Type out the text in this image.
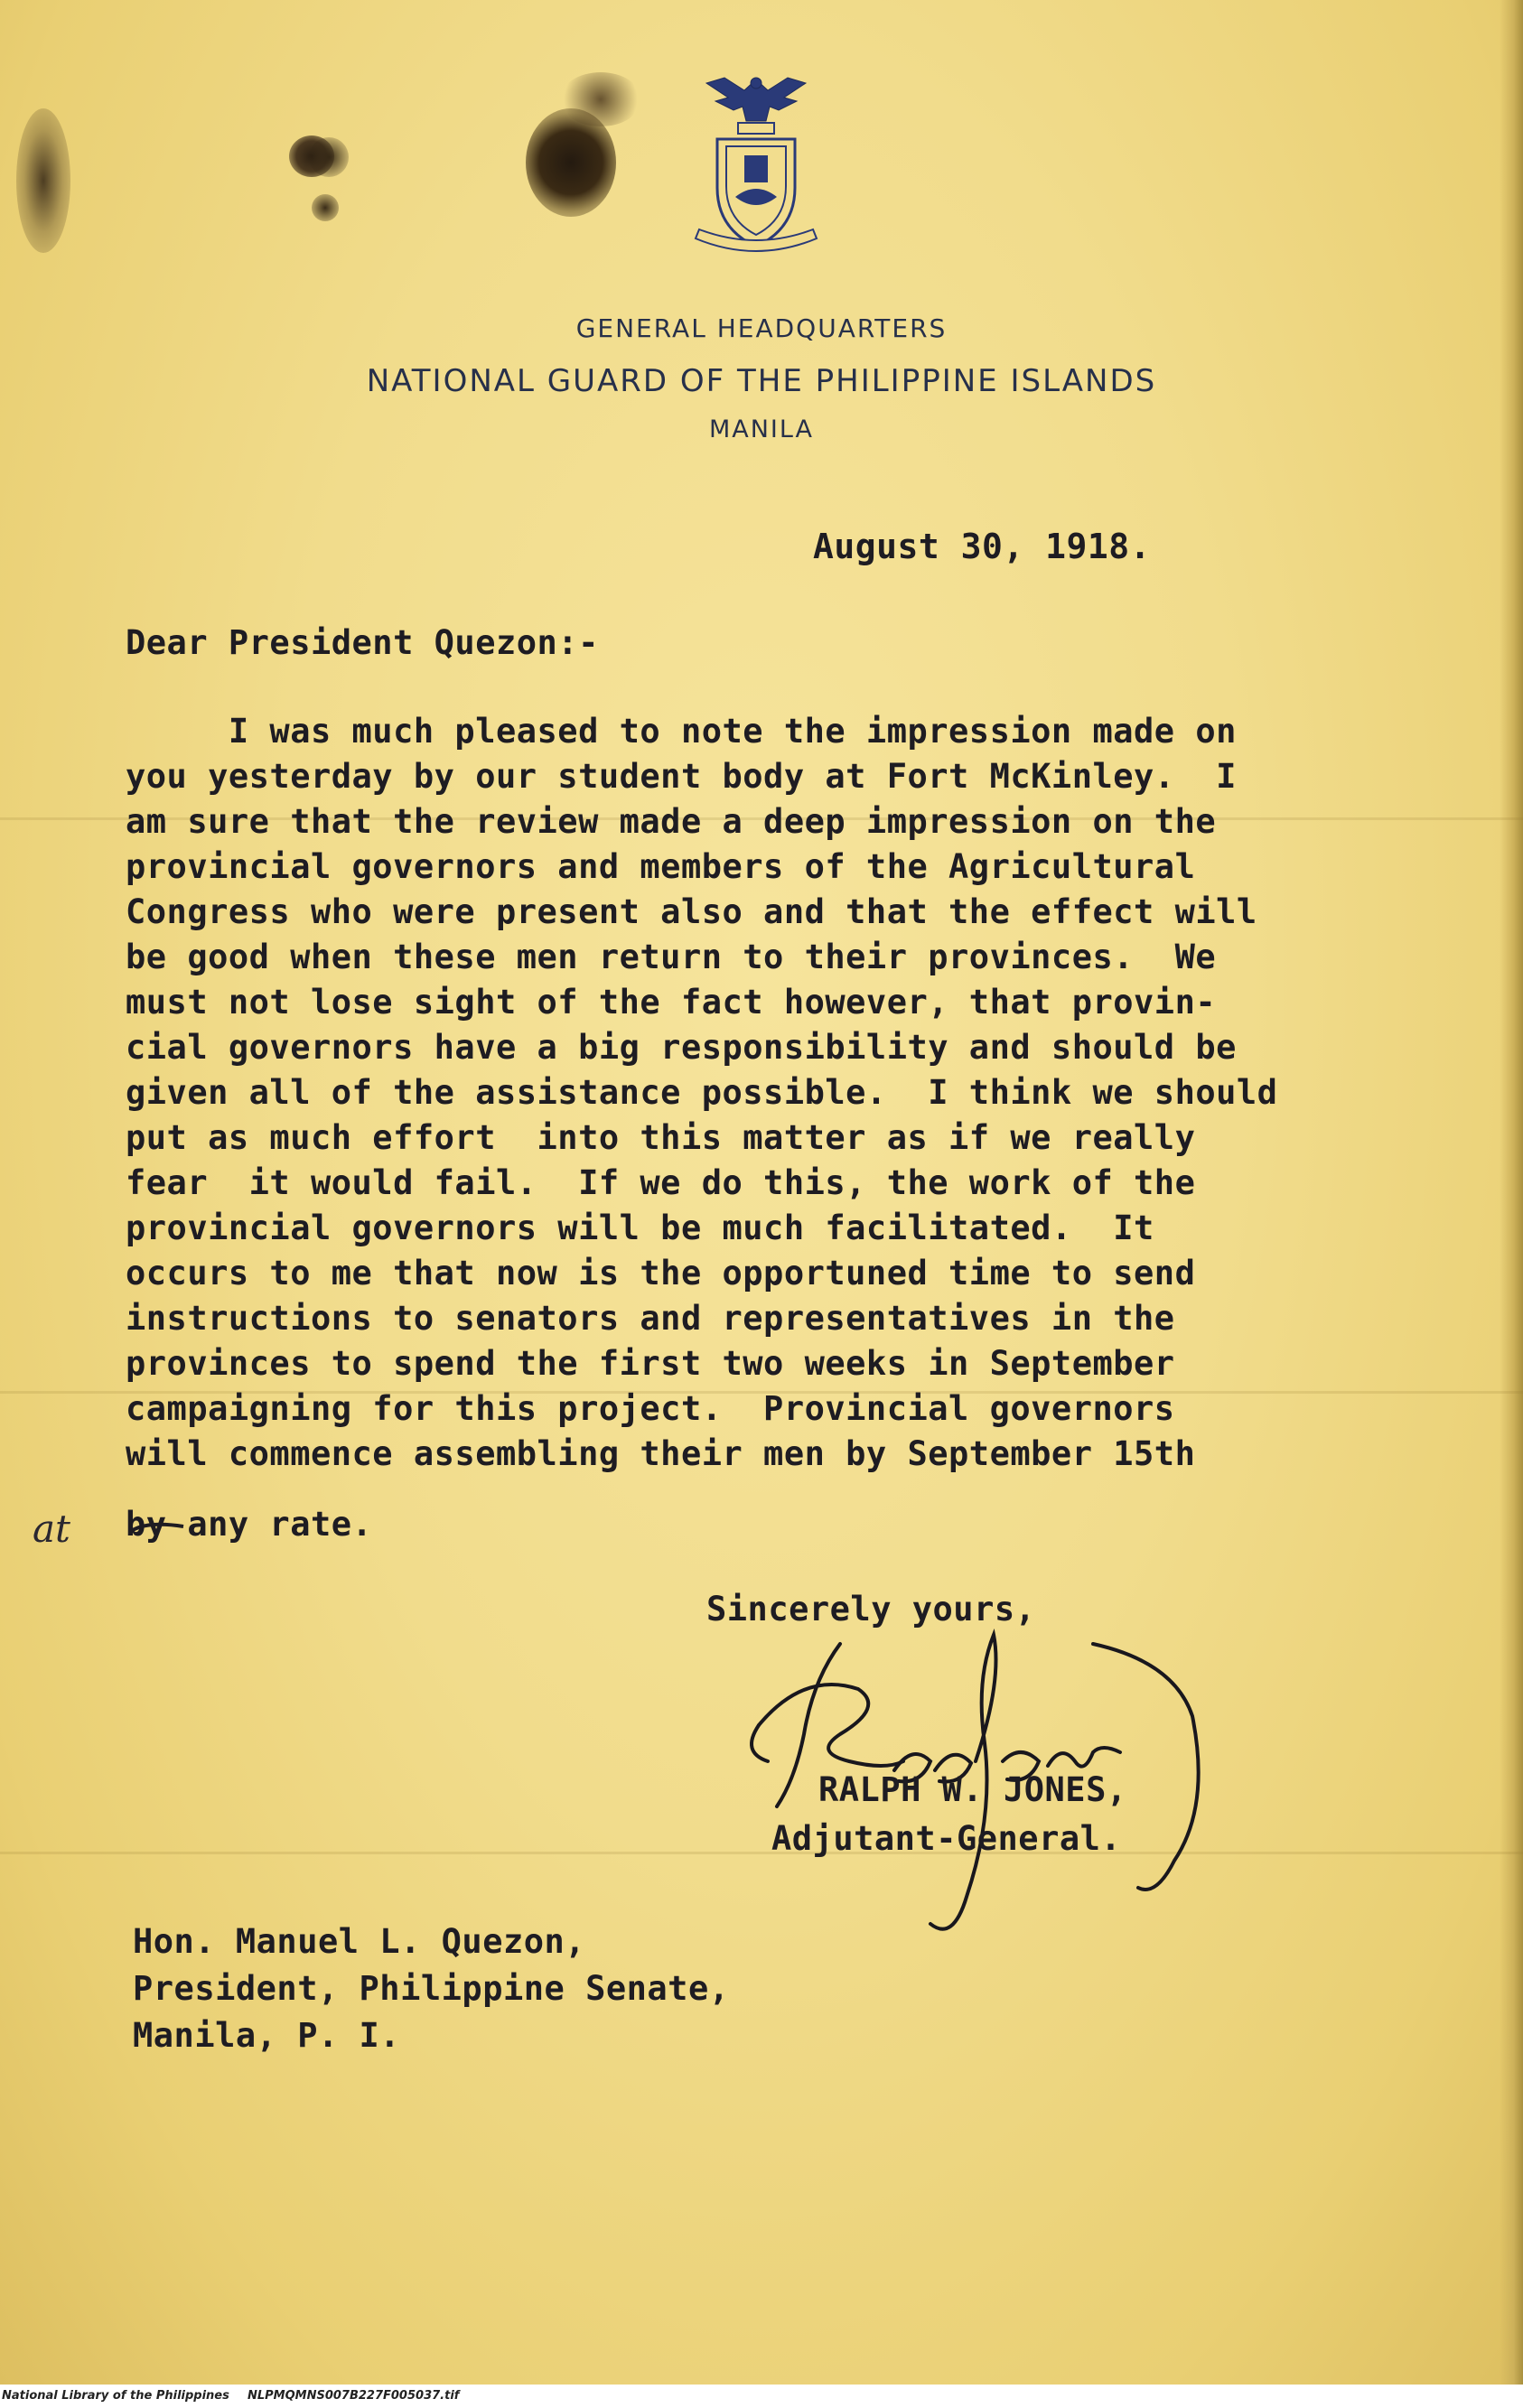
GENERAL HEADQUARTERS
NATIONAL GUARD OF THE PHILIPPINE ISLANDS
MANILA
August 30, 1918.
Dear President Quezon:-
I was much pleased to note the impression made on
you yesterday by our student body at Fort McKinley.  I
am sure that the review made a deep impression on the
provincial governors and members of the Agricultural
Congress who were present also and that the effect will
be good when these men return to their provinces.  We
must not lose sight of the fact however, that provin-
cial governors have a big responsibility and should be
given all of the assistance possible.  I think we should
put as much effort  into this matter as if we really
fear  it would fail.  If we do this, the work of the
provincial governors will be much facilitated.  It
occurs to me that now is the opportuned time to send
instructions to senators and representatives in the
provinces to spend the first two weeks in September
campaigning for this project.  Provincial governors
will commence assembling their men by September 15th
by any rate.
at
Sincerely yours,
RALPH W. JONES,
Adjutant-General.
Hon. Manuel L. Quezon,
President, Philippine Senate,
Manila, P. I.
National Library of the Philippines NLPMQMNS007B227F005037.tif
